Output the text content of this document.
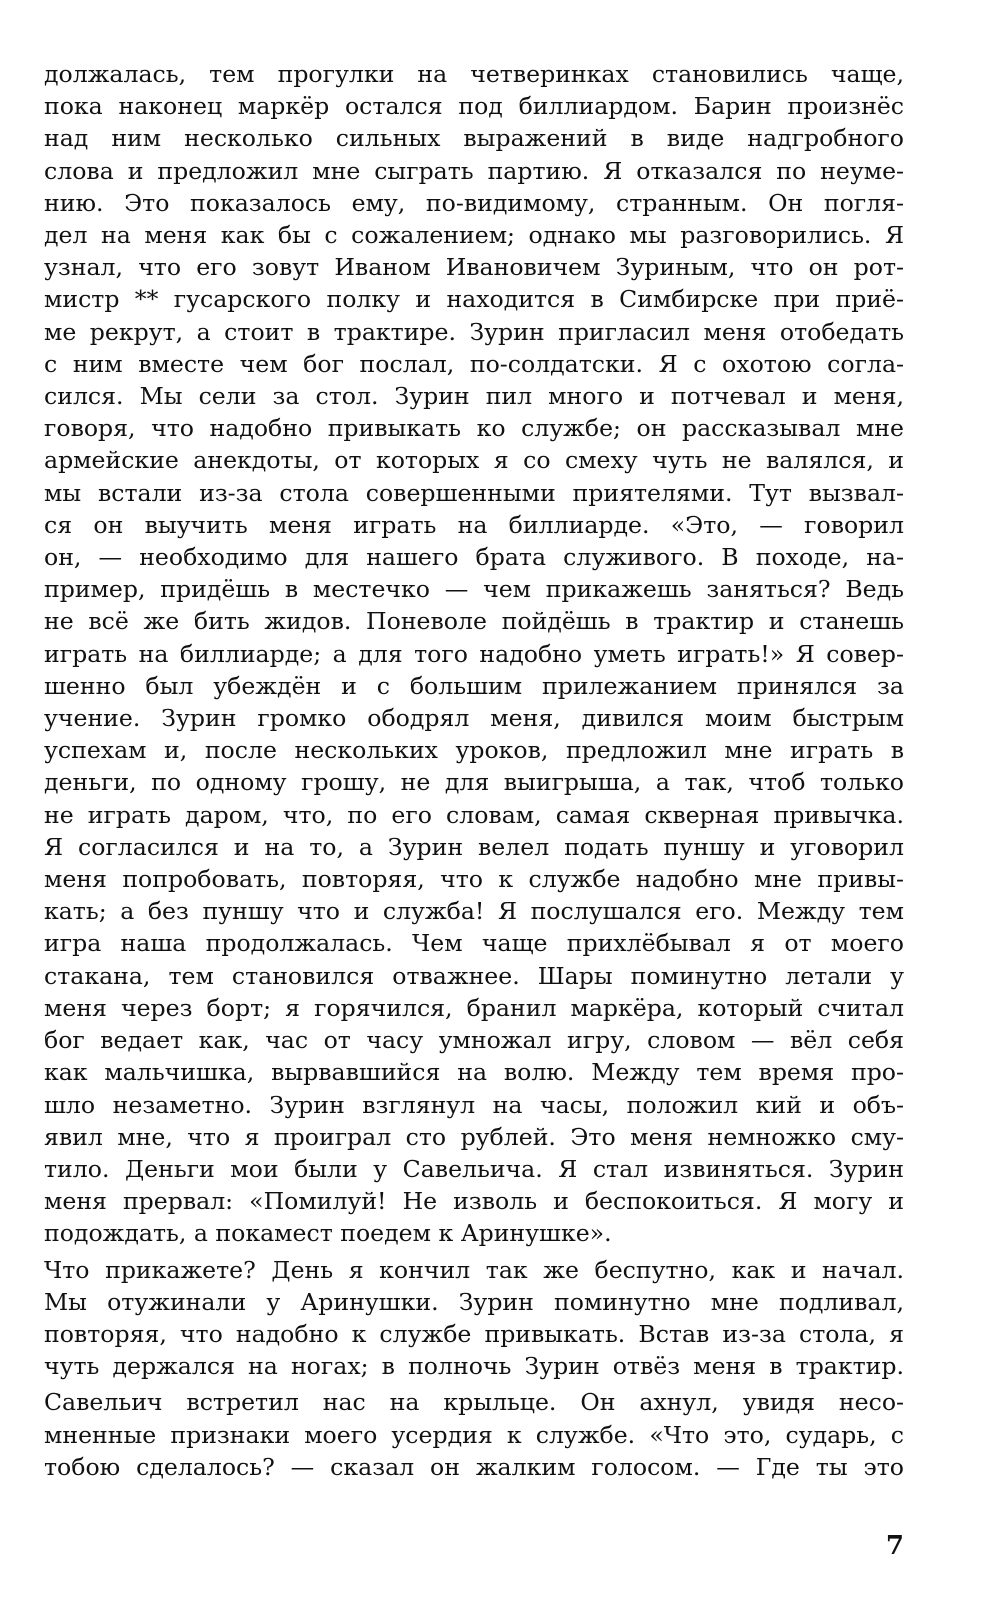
должалась, тем прогулки на четверинках становились чаще,
пока наконец маркёр остался под биллиардом. Барин произнёс
над ним несколько сильных выражений в виде надгробного
слова и предложил мне сыграть партию. Я отказался по неуме-
нию. Это показалось ему, по-видимому, странным. Он погля-
дел на меня как бы с сожалением; однако мы разговорились. Я
узнал, что его зовут Иваном Ивановичем Зуриным, что он рот-
мистр ** гусарского полку и находится в Симбирске при приё-
ме рекрут, а стоит в трактире. Зурин пригласил меня отобедать
с ним вместе чем бог послал, по-солдатски. Я с охотою согла-
сился. Мы сели за стол. Зурин пил много и потчевал и меня,
говоря, что надобно привыкать ко службе; он рассказывал мне
армейские анекдоты, от которых я со смеху чуть не валялся, и
мы встали из-за стола совершенными приятелями. Тут вызвал-
ся он выучить меня играть на биллиарде. «Это, — говорил
он, — необходимо для нашего брата служивого. В походе, на-
пример, придёшь в местечко — чем прикажешь заняться? Ведь
не всё же бить жидов. Поневоле пойдёшь в трактир и станешь
играть на биллиарде; а для того надобно уметь играть!» Я совер-
шенно был убеждён и с большим прилежанием принялся за
учение. Зурин громко ободрял меня, дивился моим быстрым
успехам и, после нескольких уроков, предложил мне играть в
деньги, по одному грошу, не для выигрыша, а так, чтоб только
не играть даром, что, по его словам, самая скверная привычка.
Я согласился и на то, а Зурин велел подать пуншу и уговорил
меня попробовать, повторяя, что к службе надобно мне привы-
кать; а без пуншу что и служба! Я послушался его. Между тем
игра наша продолжалась. Чем чаще прихлёбывал я от моего
стакана, тем становился отважнее. Шары поминутно летали у
меня через борт; я горячился, бранил маркёра, который считал
бог ведает как, час от часу умножал игру, словом — вёл себя
как мальчишка, вырвавшийся на волю. Между тем время про-
шло незаметно. Зурин взглянул на часы, положил кий и объ-
явил мне, что я проиграл сто рублей. Это меня немножко сму-
тило. Деньги мои были у Савельича. Я стал извиняться. Зурин
меня прервал: «Помилуй! Не изволь и беспокоиться. Я могу и
подождать, а покамест поедем к Аринушке».
Что прикажете? День я кончил так же беспутно, как и начал.
Мы отужинали у Аринушки. Зурин поминутно мне подливал,
повторяя, что надобно к службе привыкать. Встав из-за стола, я
чуть держался на ногах; в полночь Зурин отвёз меня в трактир.
Савельич встретил нас на крыльце. Он ахнул, увидя несо-
мненные признаки моего усердия к службе. «Что это, сударь, с
тобою сделалось? — сказал он жалким голосом. — Где ты это
7
